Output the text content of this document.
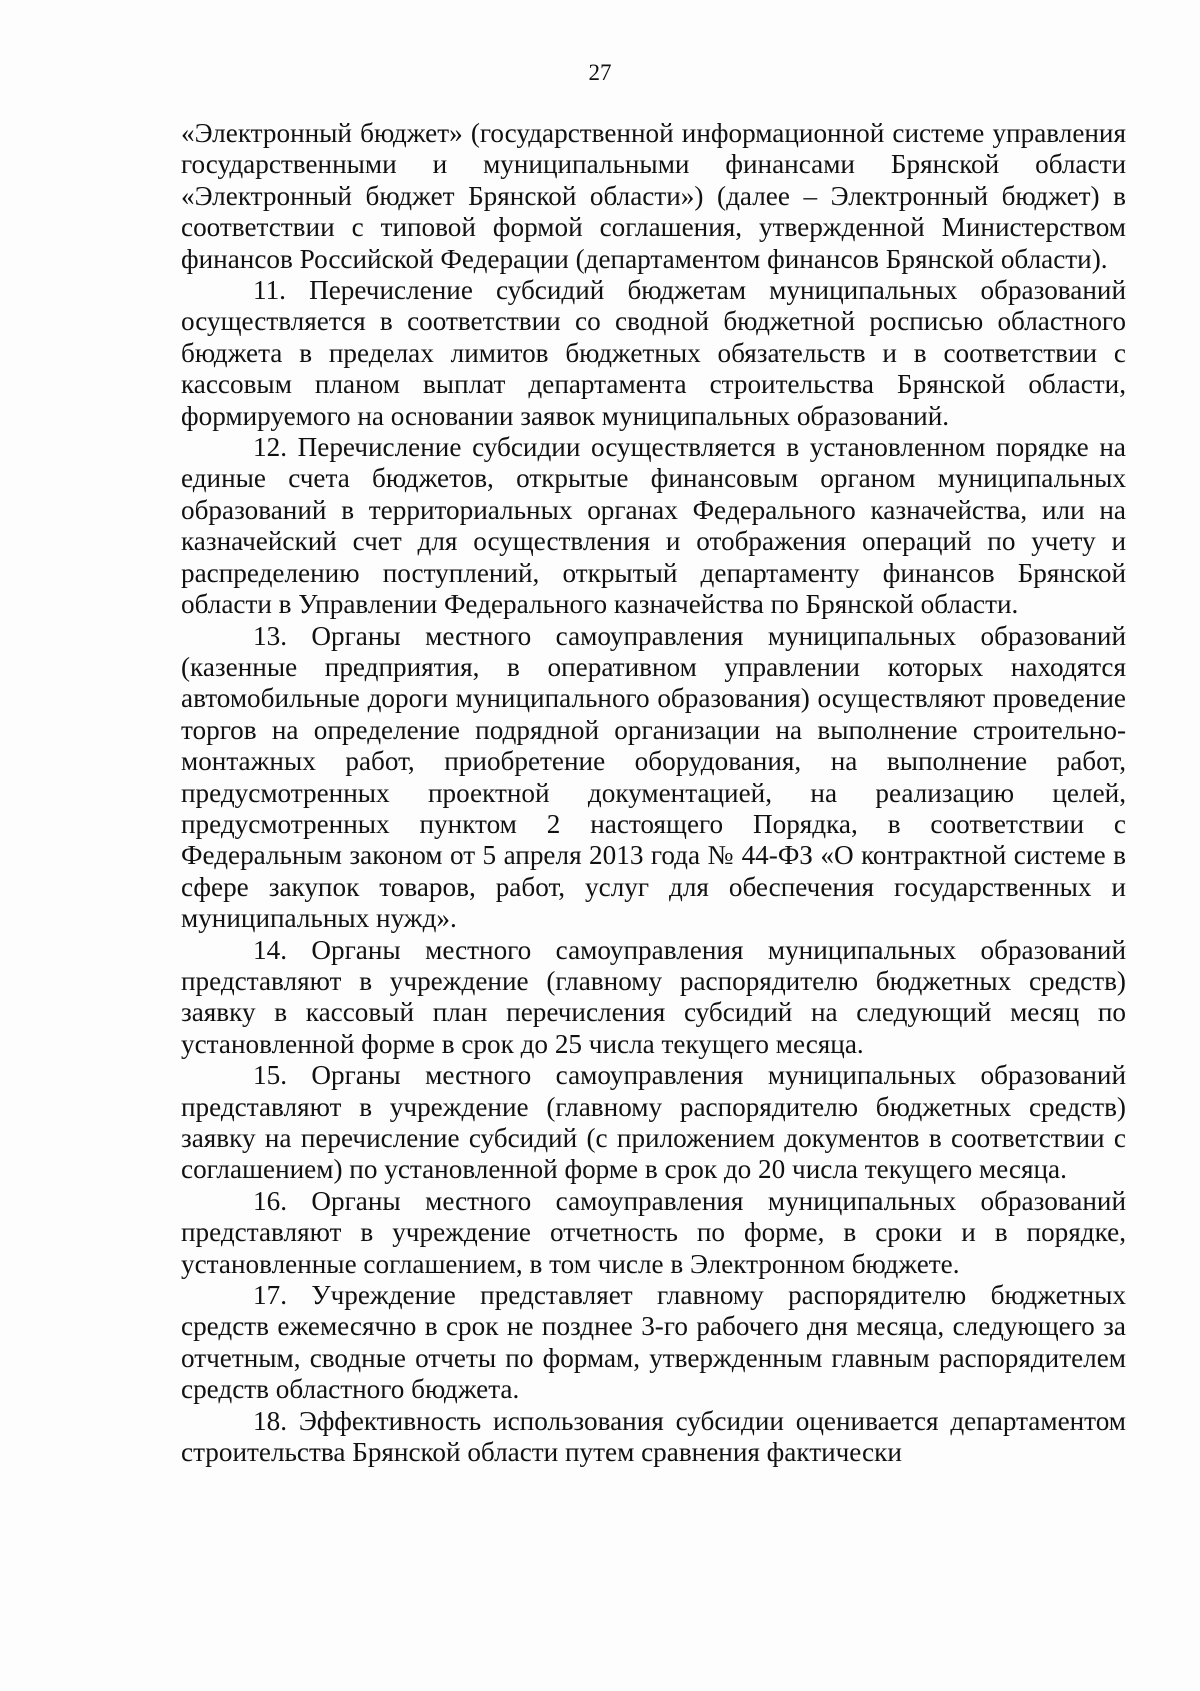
27

«Электронный бюджет» (государственной информационной системе управления государственными и муниципальными финансами Брянской области «Электронный бюджет Брянской области») (далее – Электронный бюджет) в соответствии с типовой формой соглашения, утвержденной Министерством финансов Российской Федерации (департаментом финансов Брянской области).

11. Перечисление субсидий бюджетам муниципальных образований осуществляется в соответствии со сводной бюджетной росписью областного бюджета в пределах лимитов бюджетных обязательств и в соответствии с кассовым планом выплат департамента строительства Брянской области, формируемого на основании заявок муниципальных образований.

12. Перечисление субсидии осуществляется в установленном порядке на единые счета бюджетов, открытые финансовым органом муниципальных образований в территориальных органах Федерального казначейства, или на казначейский счет для осуществления и отображения операций по учету и распределению поступлений, открытый департаменту финансов Брянской области в Управлении Федерального казначейства по Брянской области.

13. Органы местного самоуправления муниципальных образований (казенные предприятия, в оперативном управлении которых находятся автомобильные дороги муниципального образования) осуществляют проведение торгов на определение подрядной организации на выполнение строительно-монтажных работ, приобретение оборудования, на выполнение работ, предусмотренных проектной документацией, на реализацию целей, предусмотренных пунктом 2 настоящего Порядка, в соответствии с Федеральным законом от 5 апреля 2013 года № 44-ФЗ «О контрактной системе в сфере закупок товаров, работ, услуг для обеспечения государственных и муниципальных нужд».

14. Органы местного самоуправления муниципальных образований представляют в учреждение (главному распорядителю бюджетных средств) заявку в кассовый план перечисления субсидий на следующий месяц по установленной форме в срок до 25 числа текущего месяца.

15. Органы местного самоуправления муниципальных образований представляют в учреждение (главному распорядителю бюджетных средств) заявку на перечисление субсидий (с приложением документов в соответствии с соглашением) по установленной форме в срок до 20 числа текущего месяца.

16. Органы местного самоуправления муниципальных образований представляют в учреждение отчетность по форме, в сроки и в порядке, установленные соглашением, в том числе в Электронном бюджете.

17. Учреждение представляет главному распорядителю бюджетных средств ежемесячно в срок не позднее 3-го рабочего дня месяца, следующего за отчетным, сводные отчеты по формам, утвержденным главным распорядителем средств областного бюджета.

18. Эффективность использования субсидии оценивается департаментом строительства Брянской области путем сравнения фактически
